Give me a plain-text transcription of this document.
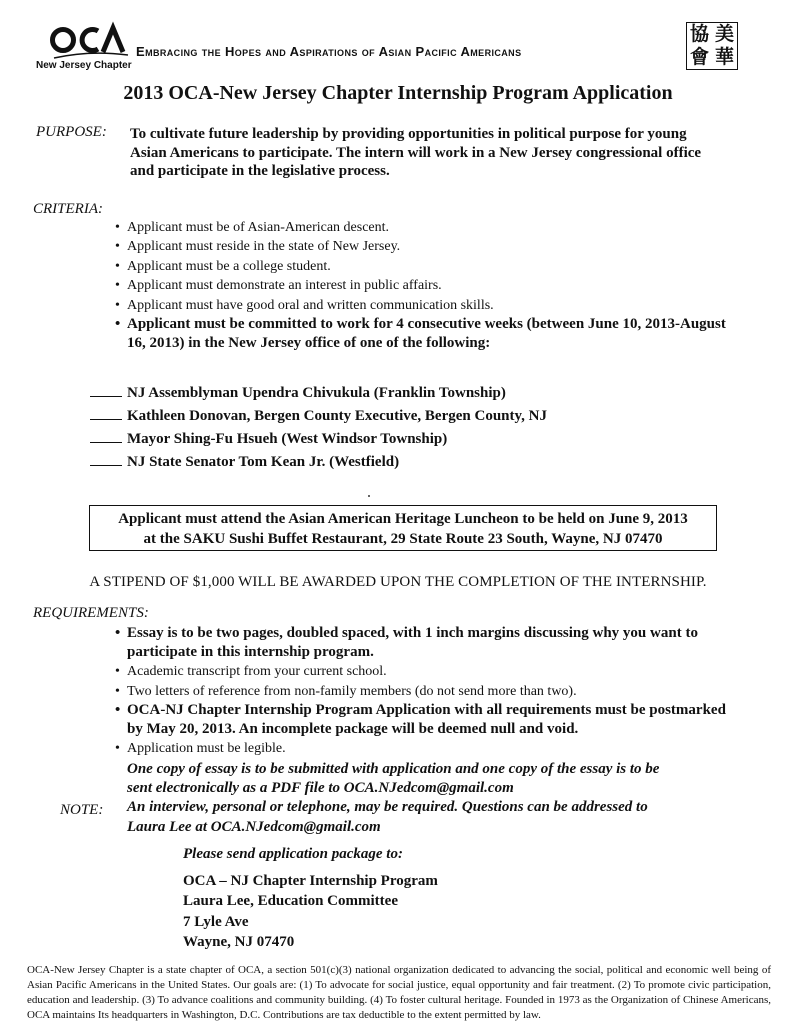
New Jersey Chapter
Embracing the Hopes and Aspirations of Asian Pacific Americans
協 美
會 華
2013 OCA-New Jersey Chapter Internship Program Application
PURPOSE: To cultivate future leadership by providing opportunities in political purpose for young
Asian Americans to participate. The intern will work in a New Jersey congressional office
and participate in the legislative process.
CRITERIA:
• Applicant must be of Asian-American descent.
• Applicant must reside in the state of New Jersey.
• Applicant must be a college student.
• Applicant must demonstrate an interest in public affairs.
• Applicant must have good oral and written communication skills.
• Applicant must be committed to work for 4 consecutive weeks (between June 10, 2013-August 16, 2013) in the New Jersey office of one of the following:
NJ Assemblyman Upendra Chivukula (Franklin Township)
Kathleen Donovan, Bergen County Executive, Bergen County, NJ
Mayor Shing-Fu Hsueh (West Windsor Township)
NJ State Senator Tom Kean Jr. (Westfield)
Applicant must attend the Asian American Heritage Luncheon to be held on June 9, 2013
at the SAKU Sushi Buffet Restaurant, 29 State Route 23 South, Wayne, NJ 07470
A STIPEND OF $1,000 WILL BE AWARDED UPON THE COMPLETION OF THE INTERNSHIP.
REQUIREMENTS:
• Essay is to be two pages, doubled spaced, with 1 inch margins discussing why you want to participate in this internship program.
• Academic transcript from your current school.
• Two letters of reference from non-family members (do not send more than two).
• OCA-NJ Chapter Internship Program Application with all requirements must be postmarked by May 20, 2013. An incomplete package will be deemed null and void.
• Application must be legible.
One copy of essay is to be submitted with application and one copy of the essay is to be
sent electronically as a PDF file to OCA.NJedcom@gmail.com
An interview, personal or telephone, may be required. Questions can be addressed to
Laura Lee at OCA.NJedcom@gmail.com
NOTE:
Please send application package to:
OCA – NJ Chapter Internship Program
Laura Lee, Education Committee
7 Lyle Ave
Wayne, NJ 07470
OCA-New Jersey Chapter is a state chapter of OCA, a section 501(c)(3) national organization dedicated to advancing the social, political and economic well being of Asian Pacific Americans in the United States. Our goals are: (1) To advocate for social justice, equal opportunity and fair treatment. (2) To promote civic participation, education and leadership. (3) To advance coalitions and community building. (4) To foster cultural heritage. Founded in 1973 as the Organization of Chinese Americans, OCA maintains Its headquarters in Washington, D.C. Contributions are tax deductible to the extent permitted by law.
